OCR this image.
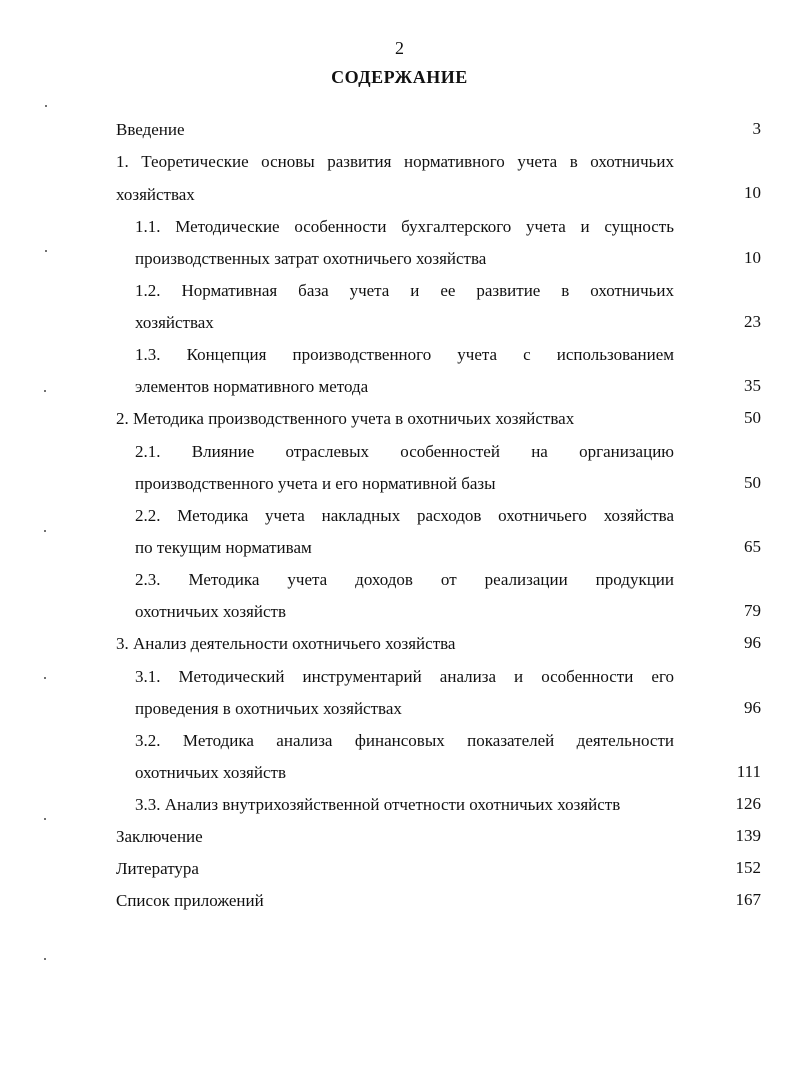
2
СОДЕРЖАНИЕ
Введение	3
1. Теоретические основы развития нормативного учета в охотничьих
хозяйствах	10
1.1. Методические особенности бухгалтерского учета и сущность
производственных затрат охотничьего хозяйства	10
1.2. Нормативная база учета и ее развитие в охотничьих
хозяйствах	23
1.3. Концепция производственного учета с использованием
элементов нормативного метода	35
2. Методика производственного учета в охотничьих хозяйствах	50
2.1. Влияние отраслевых особенностей на организацию
производственного учета и его нормативной базы	50
2.2. Методика учета накладных расходов охотничьего хозяйства
по текущим нормативам	65
2.3. Методика учета доходов от реализации продукции
охотничьих хозяйств	79
3. Анализ деятельности охотничьего хозяйства	96
3.1. Методический инструментарий анализа и особенности его
проведения в охотничьих хозяйствах	96
3.2. Методика анализа финансовых показателей деятельности
охотничьих хозяйств	111
3.3. Анализ внутрихозяйственной отчетности охотничьих хозяйств	126
Заключение	139
Литература	152
Список приложений	167
